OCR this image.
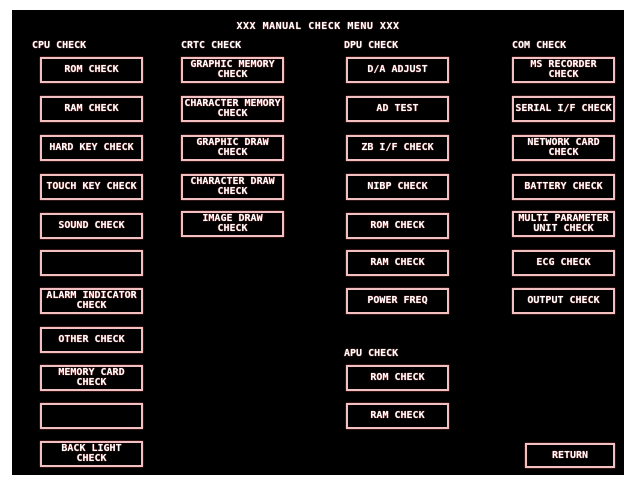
XXX MANUAL CHECK MENU XXX
CPU CHECK	CRTC CHECK	DPU CHECK	COM CHECK
APU CHECK
ROM CHECK
RAM CHECK
HARD KEY CHECK
TOUCH KEY CHECK
SOUND CHECK
ALARM INDICATOR
CHECK
OTHER CHECK
MEMORY CARD
CHECK
BACK LIGHT
CHECK
GRAPHIC MEMORY
CHECK
CHARACTER MEMORY
CHECK
GRAPHIC DRAW
CHECK
CHARACTER DRAW
CHECK
IMAGE DRAW
CHECK
D/A ADJUST
AD TEST
ZB I/F CHECK
NIBP CHECK
ROM CHECK
RAM CHECK
POWER FREQ
ROM CHECK
RAM CHECK
MS RECORDER
CHECK
SERIAL I/F CHECK
NETWORK CARD
CHECK
BATTERY CHECK
MULTI PARAMETER
UNIT CHECK
ECG CHECK
OUTPUT CHECK
RETURN
